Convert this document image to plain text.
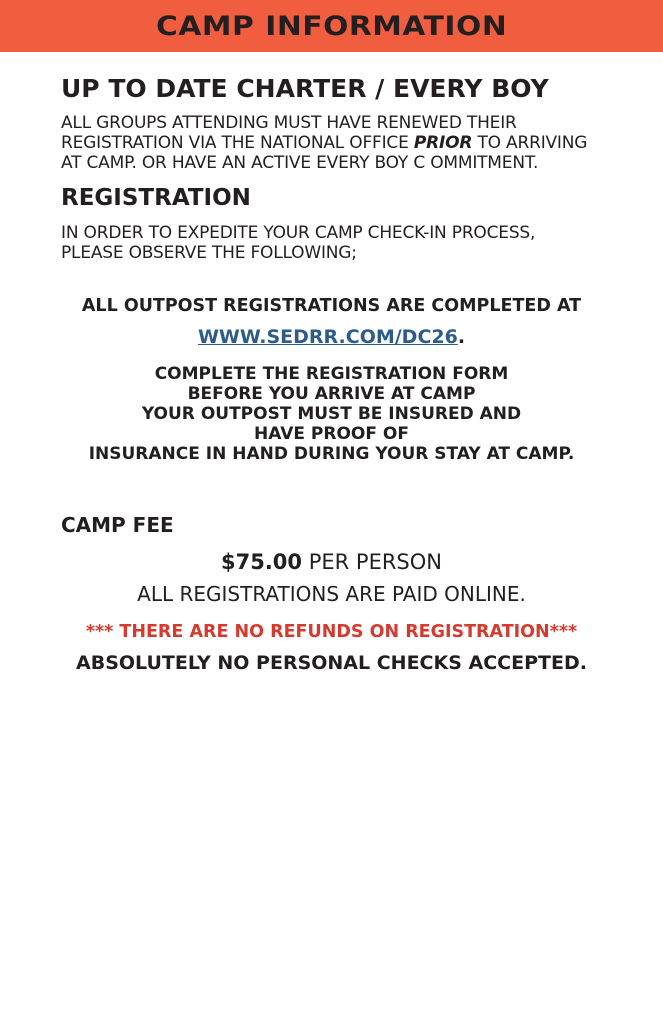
CAMP INFORMATION
UP TO DATE CHARTER / EVERY BOY

ALL GROUPS ATTENDING MUST HAVE RENEWED THEIR REGISTRATION VIA THE NATIONAL OFFICE PRIOR TO ARRIVING AT CAMP. OR HAVE AN ACTIVE EVERY BOY C OMMITMENT.

REGISTRATION

IN ORDER TO EXPEDITE YOUR CAMP CHECK-IN PROCESS, PLEASE OBSERVE THE FOLLOWING;

ALL OUTPOST REGISTRATIONS ARE COMPLETED AT
WWW.SEDRR.COM/DC26.
COMPLETE THE REGISTRATION FORM
BEFORE YOU ARRIVE AT CAMP
YOUR OUTPOST MUST BE INSURED AND
HAVE PROOF OF
INSURANCE IN HAND DURING YOUR STAY AT CAMP.
CAMP FEE
$75.00 PER PERSON
ALL REGISTRATIONS ARE PAID ONLINE.
*** THERE ARE NO REFUNDS ON REGISTRATION***
ABSOLUTELY NO PERSONAL CHECKS ACCEPTED.
